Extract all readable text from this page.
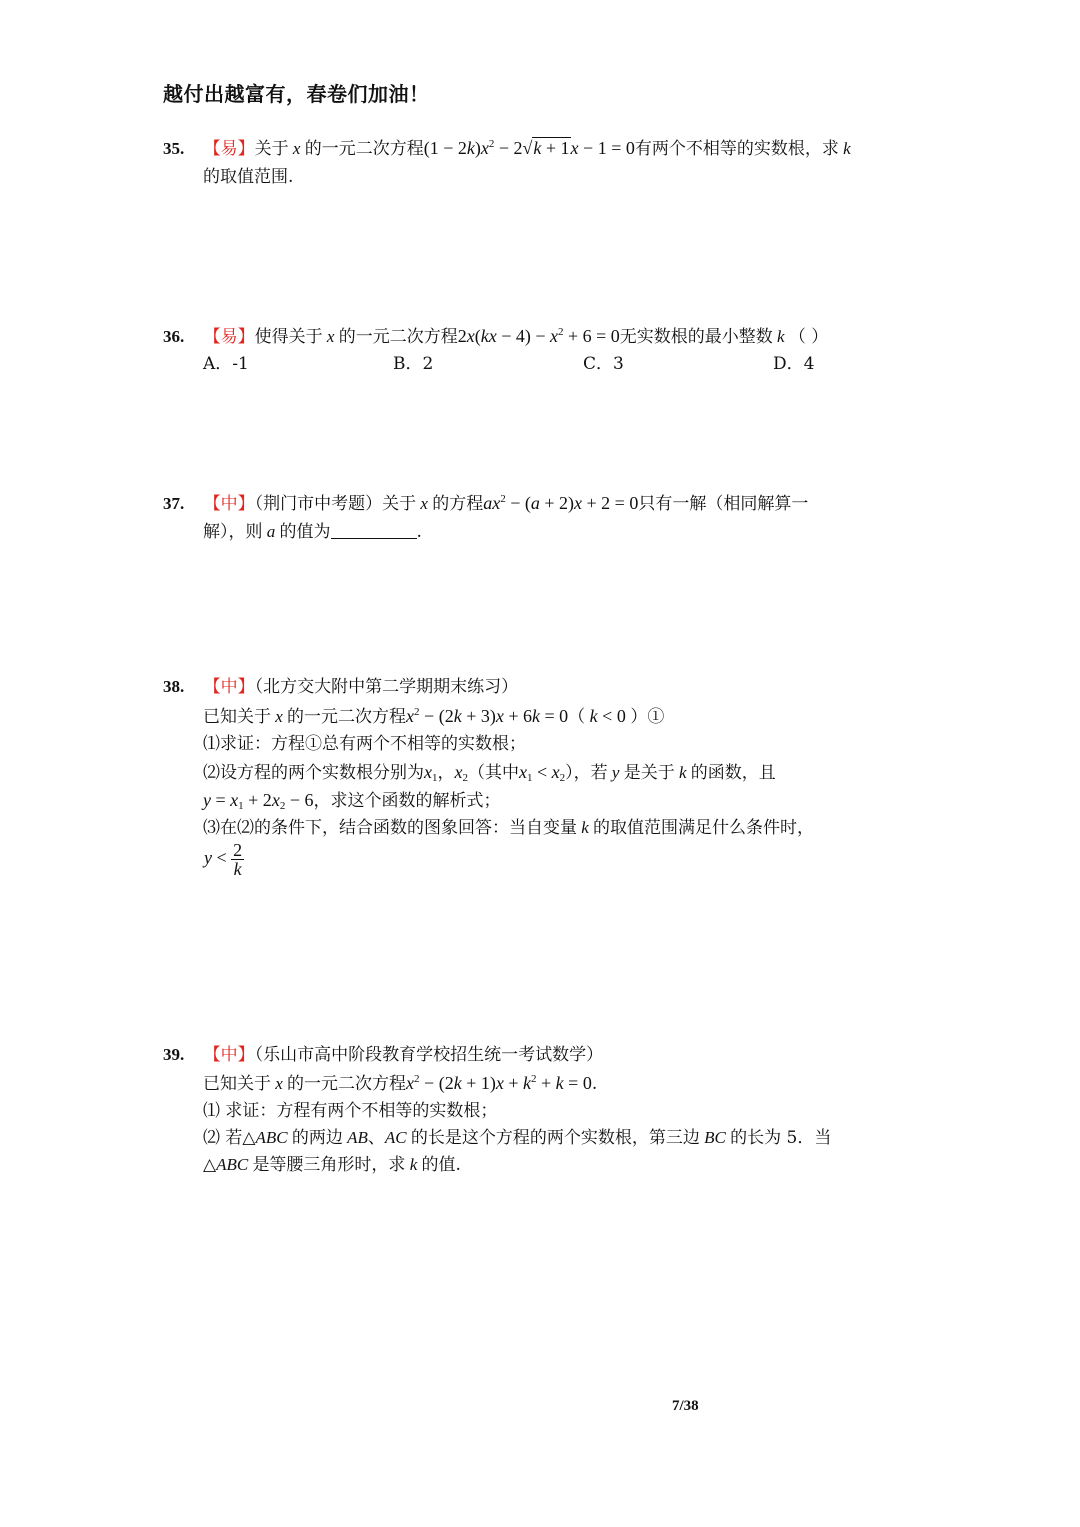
越付出越富有，春卷们加油！
35. 【易】关于 x 的一元二次方程$(1 - 2k)x^2 - 2√k + 1x - 1 = 0$有两个不相等的实数根，求 k
的取值范围.
36. 【易】使得关于 x 的一元二次方程$2x(kx - 4) - x^2 + 6 = 0$无实数根的最小整数 k （ ）
A．-1	B．2	C．3	D．4
37. 【中】（荆门市中考题）关于 x 的方程$ax^2 - (a + 2)x + 2 = 0$只有一解（相同解算一
解），则 a 的值为	.
38. 【中】（北方交大附中第二学期期末练习）
已知关于 x 的一元二次方程$x^2 - (2k + 3)x + 6k = 0$（ k < 0 ）①
⑴求证：方程①总有两个不相等的实数根；
⑵设方程的两个实数根分别为$x_1$，$x_2$（其中$x_1 < x_2$），若 y 是关于 k 的函数，且
$y = x_1 + 2x_2 - 6$，求这个函数的解析式；
⑶在⑵的条件下，结合函数的图象回答：当自变量 k 的取值范围满足什么条件时，
$y < \frac{2}{k}$
39. 【中】（乐山市高中阶段教育学校招生统一考试数学）
已知关于 x 的一元二次方程$x^2 - (2k + 1)x + k^2 + k = 0$.
⑴ 求证：方程有两个不相等的实数根；
⑵ 若△ABC 的两边 AB、AC 的长是这个方程的两个实数根，第三边 BC 的长为 5．当
△ABC 是等腰三角形时，求 k 的值.
7/38
